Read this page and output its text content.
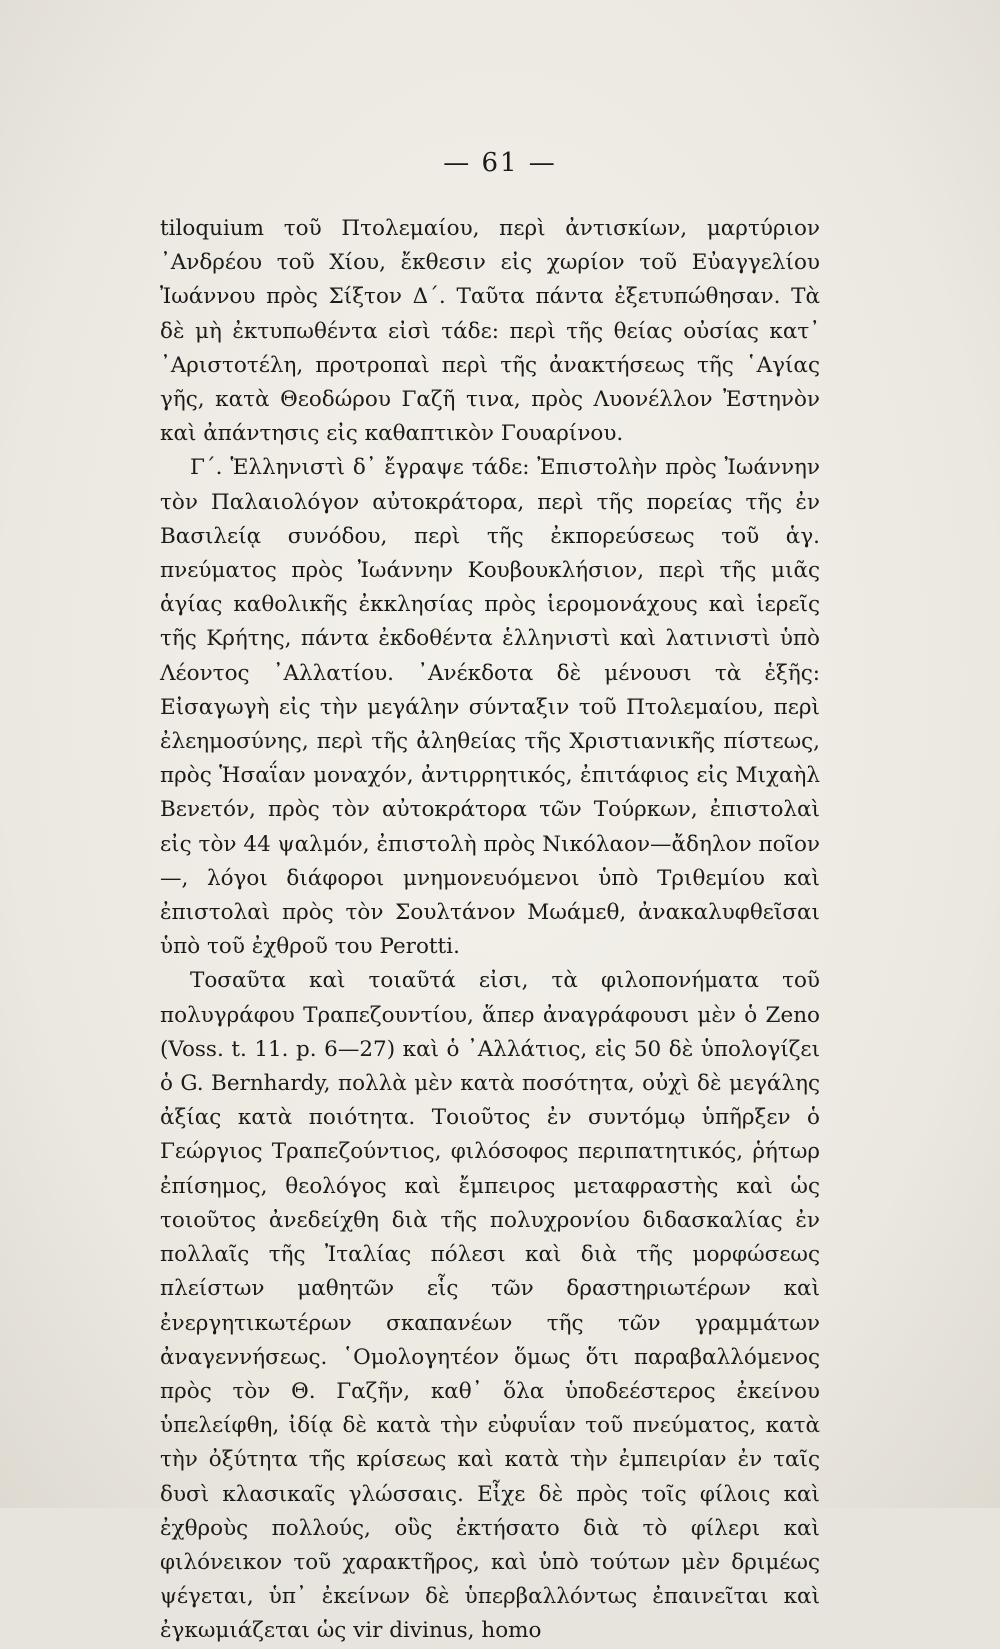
— 61 —

tiloquium τοῦ Πτολεμαίου, περὶ ἀντισκίων, μαρτύριον ᾽Ανδρέου τοῦ Χίου, ἔκθεσιν εἰς χωρίον τοῦ Εὐαγγελίου Ἰωάννου πρὸς Σίξτον Δ΄. Ταῦτα πάντα ἐξετυπώθησαν. Τὰ δὲ μὴ ἐκτυπωθέντα εἰσὶ τάδε: περὶ τῆς θείας οὐσίας κατ᾽ ᾽Αριστοτέλη, προτροπαὶ περὶ τῆς ἀνακτήσεως τῆς ῾Αγίας γῆς, κατὰ Θεοδώρου Γαζῆ τινα, πρὸς Λυονέλλον Ἐστηνὸν καὶ ἀπάντησις εἰς καθαπτικὸν Γουαρίνου.

Γ΄. Ἑλληνιστὶ δ᾽ ἔγραψε τάδε: Ἐπιστολὴν πρὸς Ἰωάννην τὸν Παλαιολόγον αὐτοκράτορα, περὶ τῆς πορείας τῆς ἐν Βασιλείᾳ συνόδου, περὶ τῆς ἐκπορεύσεως τοῦ ἁγ. πνεύματος πρὸς Ἰωάννην Κουβουκλήσιον, περὶ τῆς μιᾶς ἁγίας καθολικῆς ἐκκλησίας πρὸς ἱερομονάχους καὶ ἱερεῖς τῆς Κρήτης, πάντα ἐκδοθέντα ἑλληνιστὶ καὶ λατινιστὶ ὑπὸ Λέοντος ᾽Αλλατίου. ᾽Ανέκδοτα δὲ μένουσι τὰ ἑξῆς: Εἰσαγωγὴ εἰς τὴν μεγάλην σύνταξιν τοῦ Πτολεμαίου, περὶ ἐλεημοσύνης, περὶ τῆς ἀληθείας τῆς Χριστιανικῆς πίστεως, πρὸς Ἡσαΐαν μοναχόν, ἀντιρρητικός, ἐπιτάφιος εἰς Μιχαὴλ Βενετόν, πρὸς τὸν αὐτοκράτορα τῶν Τούρκων, ἐπιστολαὶ εἰς τὸν 44 ψαλμόν, ἐπιστολὴ πρὸς Νικόλαον—ἄδηλον ποῖον—, λόγοι διάφοροι μνημονευόμενοι ὑπὸ Τριθεμίου καὶ ἐπιστολαὶ πρὸς τὸν Σουλτάνον Μωάμεθ, ἀνακαλυφθεῖσαι ὑπὸ τοῦ ἐχθροῦ του Perotti.

Τοσαῦτα καὶ τοιαῦτά εἰσι, τὰ φιλοπονήματα τοῦ πολυγράφου Τραπεζουντίου, ἅπερ ἀναγράφουσι μὲν ὁ Zeno (Voss. t. 11. p. 6—27) καὶ ὁ ᾽Αλλάτιος, εἰς 50 δὲ ὑπολογίζει ὁ G. Bernhardy, πολλὰ μὲν κατὰ ποσότητα, οὐχὶ δὲ μεγάλης ἀξίας κατὰ ποιότητα. Τοιοῦτος ἐν συντόμῳ ὑπῆρξεν ὁ Γεώργιος Τραπεζούντιος, φιλόσοφος περιπατητικός, ῥήτωρ ἐπίσημος, θεολόγος καὶ ἔμπειρος μεταφραστὴς καὶ ὡς τοιοῦτος ἀνεδείχθη διὰ τῆς πολυχρονίου διδασκαλίας ἐν πολλαῖς τῆς Ἰταλίας πόλεσι καὶ διὰ τῆς μορφώσεως πλείστων μαθητῶν εἷς τῶν δραστηριωτέρων καὶ ἐνεργητικωτέρων σκαπανέων τῆς τῶν γραμμάτων ἀναγεννήσεως. ῾Ομολογητέον ὅμως ὅτι παραβαλλόμενος πρὸς τὸν Θ. Γαζῆν, καθ᾽ ὅλα ὑποδεέστερος ἐκείνου ὑπελείφθη, ἰδίᾳ δὲ κατὰ τὴν εὐφυΐαν τοῦ πνεύματος, κατὰ τὴν ὀξύτητα τῆς κρίσεως καὶ κατὰ τὴν ἐμπειρίαν ἐν ταῖς δυσὶ κλασικαῖς γλώσσαις. Εἶχε δὲ πρὸς τοῖς φίλοις καὶ ἐχθροὺς πολλούς, οὓς ἐκτήσατο διὰ τὸ φίλερι καὶ φιλόνεικον τοῦ χαρακτῆρος, καὶ ὑπὸ τούτων μὲν δριμέως ψέγεται, ὑπ᾽ ἐκείνων δὲ ὑπερβαλλόντως ἐπαινεῖται καὶ ἐγκωμιάζεται ὡς vir divinus, homo
